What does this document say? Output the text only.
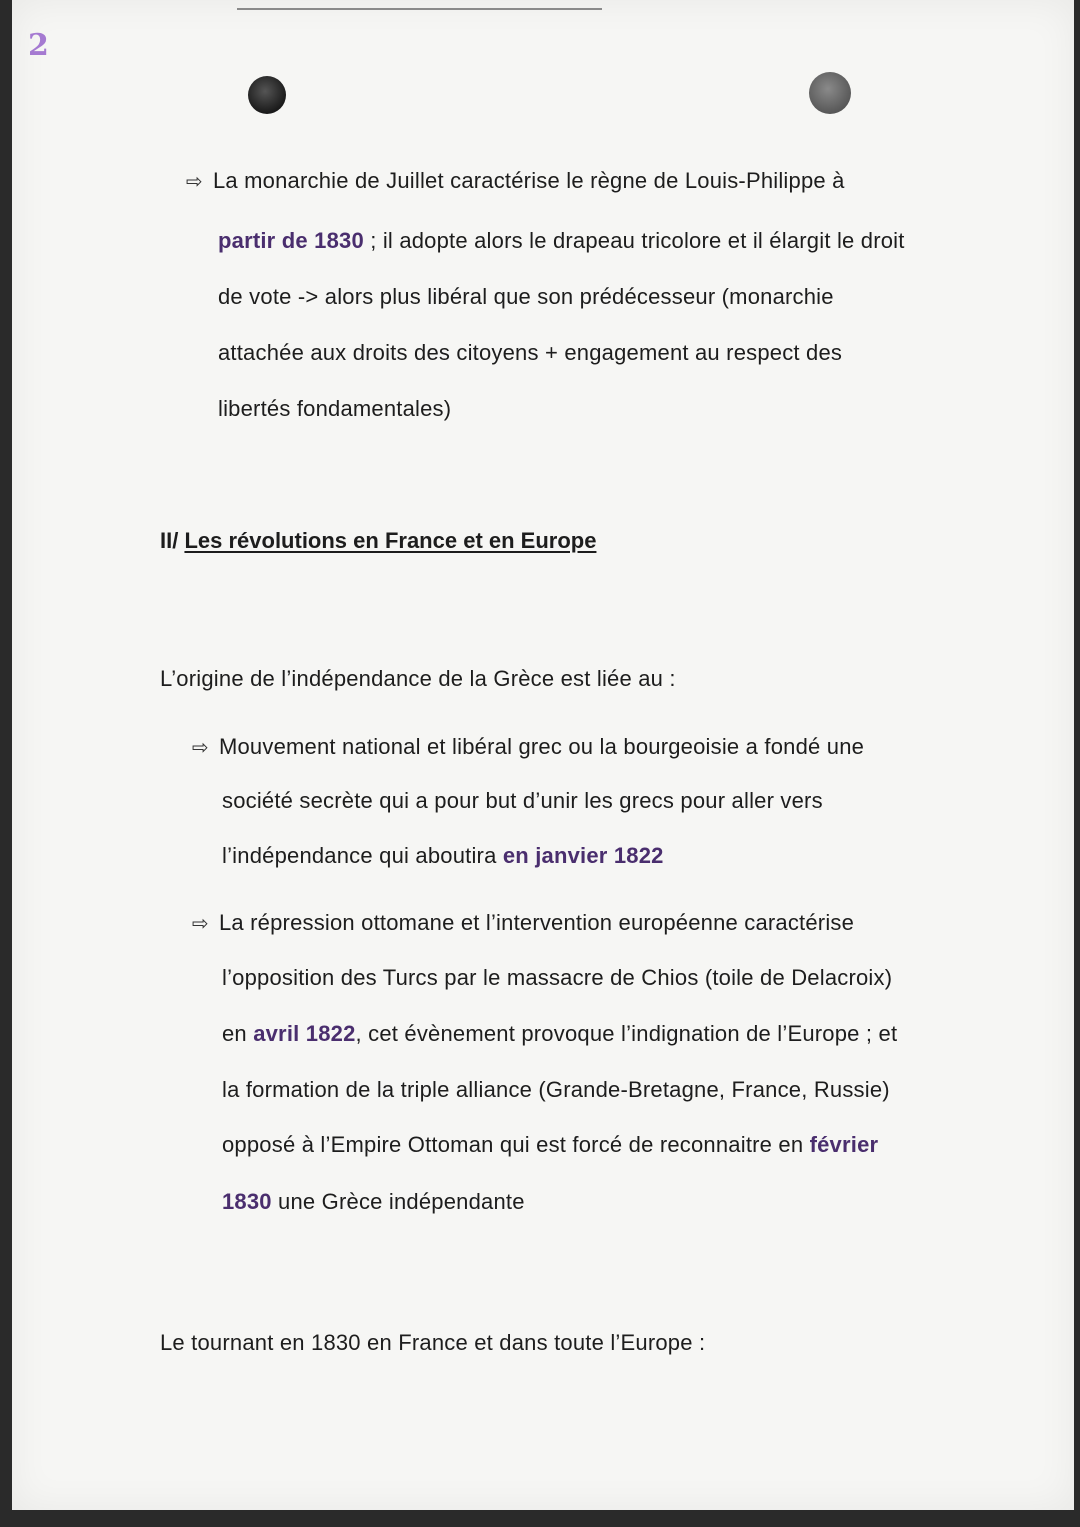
2
⇨ La monarchie de Juillet caractérise le règne de Louis-Philippe à
partir de 1830 ; il adopte alors le drapeau tricolore et il élargit le droit
de vote -> alors plus libéral que son prédécesseur (monarchie
attachée aux droits des citoyens + engagement au respect des
libertés fondamentales)
II/ Les révolutions en France et en Europe
L’origine de l’indépendance de la Grèce est liée au :
⇨ Mouvement national et libéral grec ou la bourgeoisie a fondé une
société secrète qui a pour but d’unir les grecs pour aller vers
l’indépendance qui aboutira en janvier 1822
⇨ La répression ottomane et l’intervention européenne caractérise
l’opposition des Turcs par le massacre de Chios (toile de Delacroix)
en avril 1822, cet évènement provoque l’indignation de l’Europe ; et
la formation de la triple alliance (Grande-Bretagne, France, Russie)
opposé à l’Empire Ottoman qui est forcé de reconnaitre en février
1830 une Grèce indépendante
Le tournant en 1830 en France et dans toute l’Europe :
